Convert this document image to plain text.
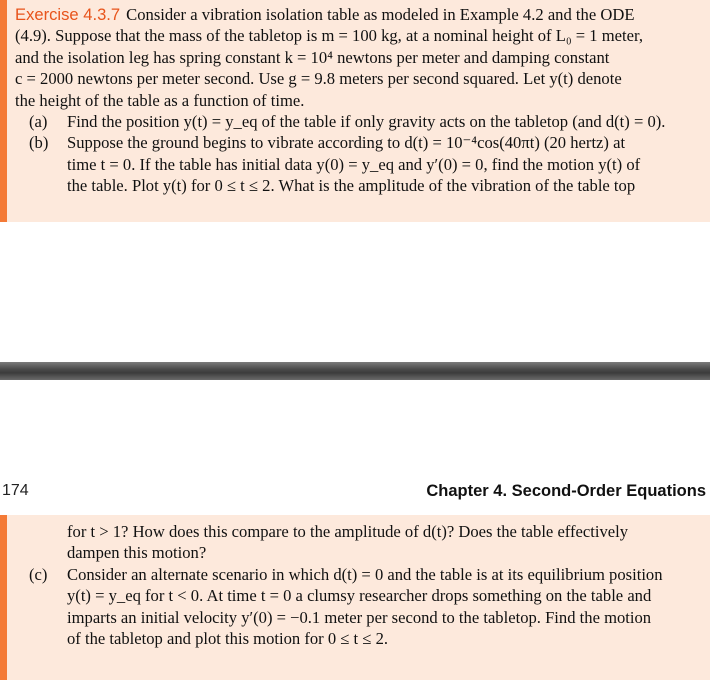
Exercise 4.3.7 Consider a vibration isolation table as modeled in Example 4.2 and the ODE
(4.9). Suppose that the mass of the tabletop is m = 100 kg, at a nominal height of L₀ = 1 meter,
and the isolation leg has spring constant k = 10⁴ newtons per meter and damping constant
c = 2000 newtons per meter second. Use g = 9.8 meters per second squared. Let y(t) denote
the height of the table as a function of time.
(a) Find the position y(t) = y_eq of the table if only gravity acts on the tabletop (and d(t) = 0).
(b) Suppose the ground begins to vibrate according to d(t) = 10⁻⁴cos(40πt) (20 hertz) at
time t = 0. If the table has initial data y(0) = y_eq and y′(0) = 0, find the motion y(t) of
the table. Plot y(t) for 0 ≤ t ≤ 2. What is the amplitude of the vibration of the table top
174	Chapter 4. Second-Order Equations
for t > 1? How does this compare to the amplitude of d(t)? Does the table effectively
dampen this motion?
(c) Consider an alternate scenario in which d(t) = 0 and the table is at its equilibrium position
y(t) = y_eq for t < 0. At time t = 0 a clumsy researcher drops something on the table and
imparts an initial velocity y′(0) = −0.1 meter per second to the tabletop. Find the motion
of the tabletop and plot this motion for 0 ≤ t ≤ 2.
